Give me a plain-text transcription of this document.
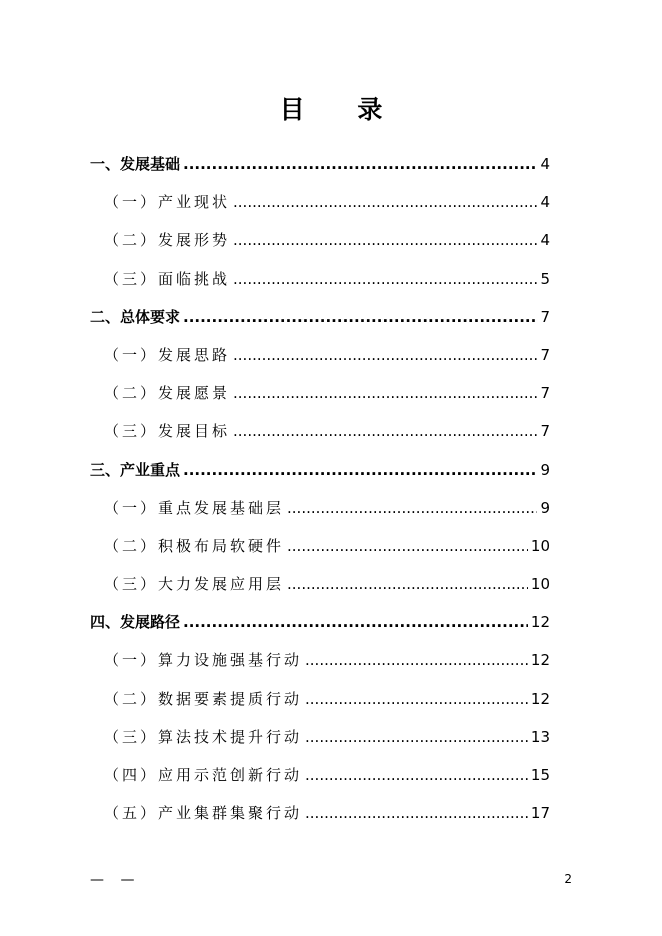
目 录
一、发展基础 .....	4
（一）产业现状 .....	4
（二）发展形势 .....	4
（三）面临挑战 .....	5
二、总体要求 .....	7
（一）发展思路 .....	7
（二）发展愿景 .....	7
（三）发展目标 .....	7
三、产业重点 .....	9
（一）重点发展基础层 .....	9
（二）积极布局软硬件 .....	10
（三）大力发展应用层 .....	10
四、发展路径 .....	12
（一）算力设施强基行动 .....	12
（二）数据要素提质行动 .....	12
（三）算法技术提升行动 .....	13
（四）应用示范创新行动 .....	15
（五）产业集群集聚行动 .....	17
— —	2
